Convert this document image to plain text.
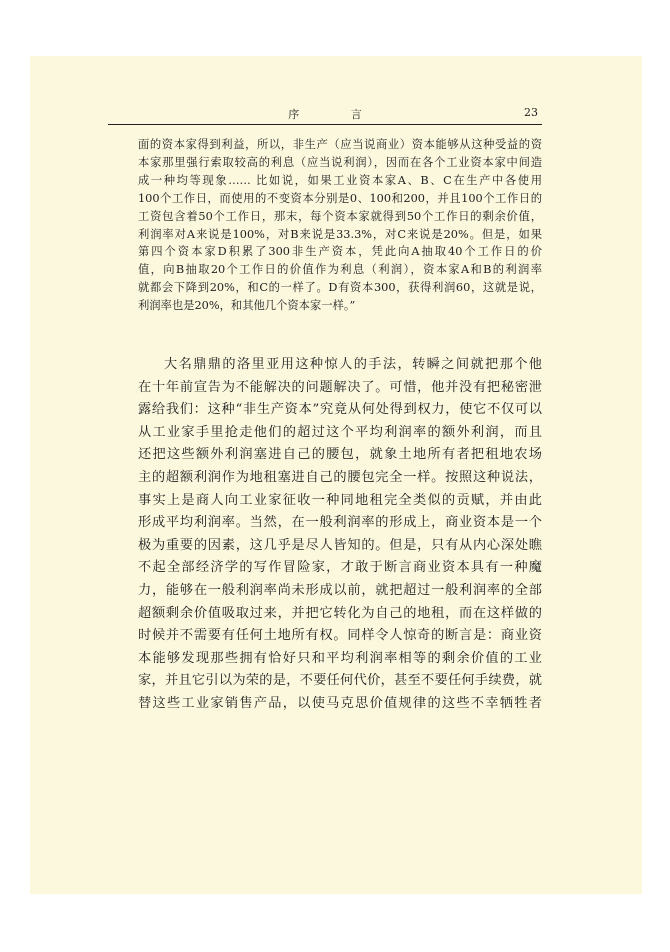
序 言	23
面的资本家得到利益，所以，非生产（应当说商业）资本能够从这种受益的资
本家那里强行索取较高的利息（应当说利润），因而在各个工业资本家中间造
成一种均等现象…… 比如说，如果工业资本家A、B、C在生产中各使用
100个工作日，而使用的不变资本分别是0、100和200，并且100个工作日的
工资包含着50个工作日，那末，每个资本家就得到50个工作日的剩余价值，
利润率对A来说是100%，对B来说是33.3%，对C来说是20%。但是，如果
第四个资本家D积累了300非生产资本，凭此向A抽取40个工作日的价
值，向B抽取20个工作日的价值作为利息（利润），资本家A和B的利润率
就都会下降到20%，和C的一样了。D有资本300，获得利润60，这就是说，
利润率也是20%，和其他几个资本家一样。”
大名鼎鼎的洛里亚用这种惊人的手法，转瞬之间就把那个他
在十年前宣告为不能解决的问题解决了。可惜，他并没有把秘密泄
露给我们：这种“非生产资本”究竟从何处得到权力，使它不仅可以
从工业家手里抢走他们的超过这个平均利润率的额外利润，而且
还把这些额外利润塞进自己的腰包，就象土地所有者把租地农场
主的超额利润作为地租塞进自己的腰包完全一样。按照这种说法，
事实上是商人向工业家征收一种同地租完全类似的贡赋，并由此
形成平均利润率。当然，在一般利润率的形成上，商业资本是一个
极为重要的因素，这几乎是尽人皆知的。但是，只有从内心深处瞧
不起全部经济学的写作冒险家，才敢于断言商业资本具有一种魔
力，能够在一般利润率尚未形成以前，就把超过一般利润率的全部
超额剩余价值吸取过来，并把它转化为自己的地租，而在这样做的
时候并不需要有任何土地所有权。同样令人惊奇的断言是：商业资
本能够发现那些拥有恰好只和平均利润率相等的剩余价值的工业
家，并且它引以为荣的是，不要任何代价，甚至不要任何手续费，就
替这些工业家销售产品，以使马克思价值规律的这些不幸牺牲者
